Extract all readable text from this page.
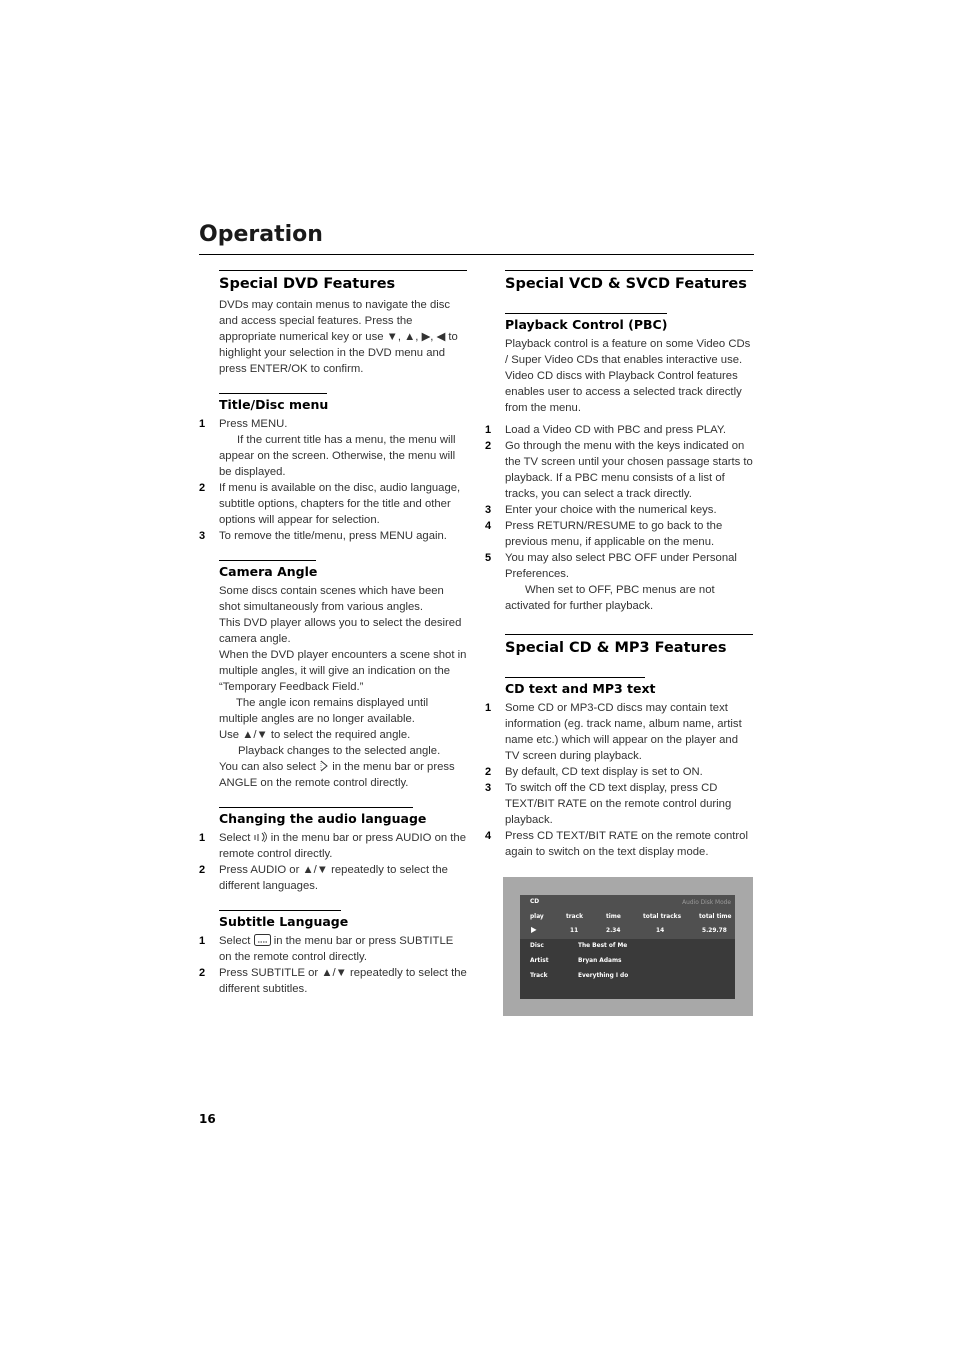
Operation
Special DVD Features

DVDs may contain menus to navigate the disc and access special features. Press the appropriate numerical key or use ▼, ▲, ▶, ◀ to highlight your selection in the DVD menu and press ENTER/OK to confirm.

Title/Disc menu
1 Press MENU.
If the current title has a menu, the menu will appear on the screen. Otherwise, the menu will be displayed.
2 If menu is available on the disc, audio language, subtitle options, chapters for the title and other options will appear for selection.
3 To remove the title/menu, press MENU again.
Camera Angle

Some discs contain scenes which have been shot simultaneously from various angles.

This DVD player allows you to select the desired camera angle.

When the DVD player encounters a scene shot in multiple angles, it will give an indication on the “Temporary Feedback Field.”

The angle icon remains displayed until multiple angles are no longer available.

Use ▲/▼ to select the required angle.

Playback changes to the selected angle.

You can also select in the menu bar or press ANGLE on the remote control directly.

Changing the audio language
1 Select in the menu bar or press AUDIO on the remote control directly.
2 Press AUDIO or ▲/▼ repeatedly to select the different languages.
Subtitle Language
1 Select in the menu bar or press SUBTITLE on the remote control directly.
2 Press SUBTITLE or ▲/▼ repeatedly to select the different subtitles.
Special VCD & SVCD Features
Playback Control (PBC)

Playback control is a feature on some Video CDs / Super Video CDs that enables interactive use. Video CD discs with Playback Control features enables user to access a selected track directly from the menu.

1 Load a Video CD with PBC and press PLAY.
2 Go through the menu with the keys indicated on the TV screen until your chosen passage starts to playback. If a PBC menu consists of a list of tracks, you can select a track directly.
3 Enter your choice with the numerical keys.
4 Press RETURN/RESUME to go back to the previous menu, if applicable on the menu.
5 You may also select PBC OFF under Personal Preferences.
When set to OFF, PBC menus are not activated for further playback.
Special CD & MP3 Features
CD text and MP3 text
1 Some CD or MP3-CD discs may contain text information (eg. track name, album name, artist name etc.) which will appear on the player and TV screen during playback.
2 By default, CD text display is set to ON.
3 To switch off the CD text display, press CD TEXT/BIT RATE on the remote control during playback.
4 Press CD TEXT/BIT RATE on the remote control again to switch on the text display mode.
CD	Audio Disk Mode
play	track	time	total tracks	total time
▶	11	2.34	14	5.29.78
Disc	The Best of Me
Artist	Bryan Adams
Track	Everything I do
16
